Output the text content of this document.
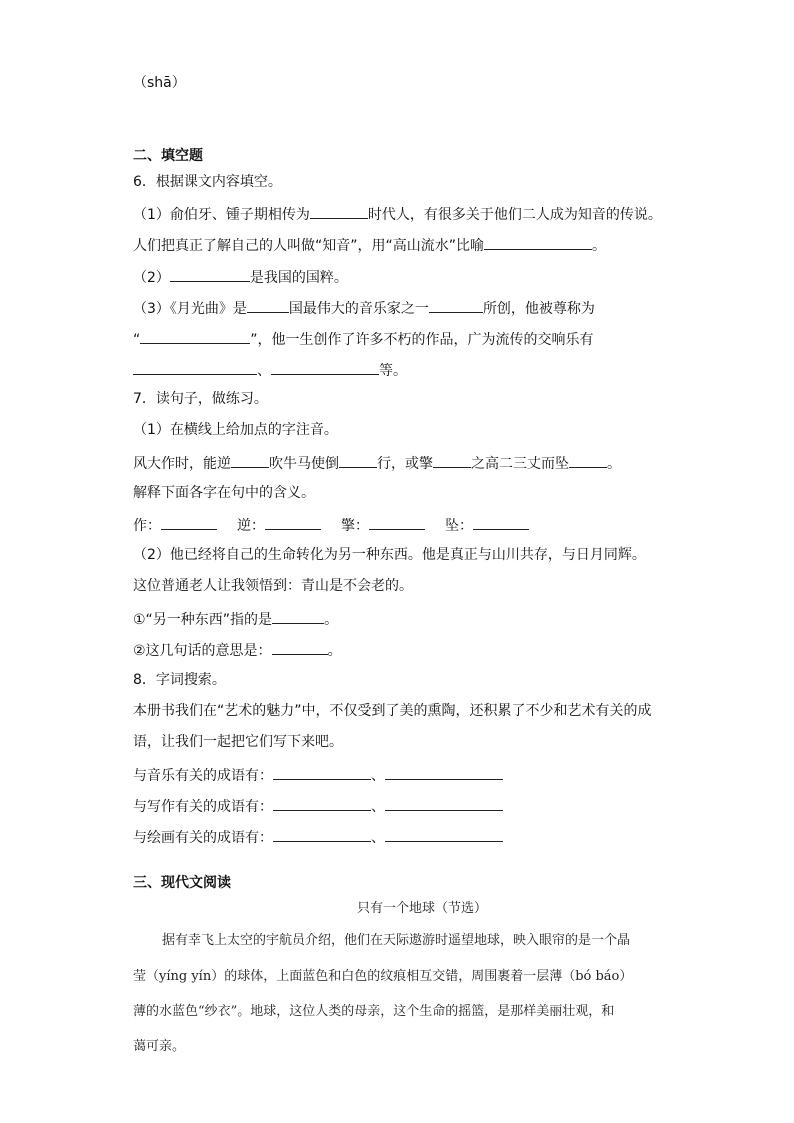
（shā）
二、填空题
6．根据课文内容填空。
（1）俞伯牙、锺子期相传为	时代人，有很多关于他们二人成为知音的传说。
人们把真正了解自己的人叫做“知音”，用“高山流水”比喻	。
（2）	是我国的国粹。
（3）《月光曲》是	国最伟大的音乐家之一	所创，他被尊称为
“	”，他一生创作了许多不朽的作品，广为流传的交响乐有
、	等。
7．读句子，做练习。
（1）在横线上给加点的字注音。
风大作时，能逆	吹牛马使倒	行，或擎	之高二三丈而坠	。
解释下面各字在句中的含义。
作：	逆：	擎：	坠：
（2）他已经将自己的生命转化为另一种东西。他是真正与山川共存，与日月同辉。
这位普通老人让我领悟到：青山是不会老的。
①“另一种东西”指的是	。
②这几句话的意思是：	。
8．字词搜索。
本册书我们在“艺术的魅力”中，不仅受到了美的熏陶，还积累了不少和艺术有关的成
语，让我们一起把它们写下来吧。
与音乐有关的成语有：	、
与写作有关的成语有：	、
与绘画有关的成语有：	、
三、现代文阅读
只有一个地球（节选）
据有幸飞上太空的宇航员介绍，他们在天际遨游时遥望地球，映入眼帘的是一个晶
莹（yíng yín）的球体，上面蓝色和白色的纹痕相互交错，周围裹着一层薄（bó báo）
薄的水蓝色“纱衣”。地球，这位人类的母亲，这个生命的摇篮，是那样美丽壮观，和
蔼可亲。
